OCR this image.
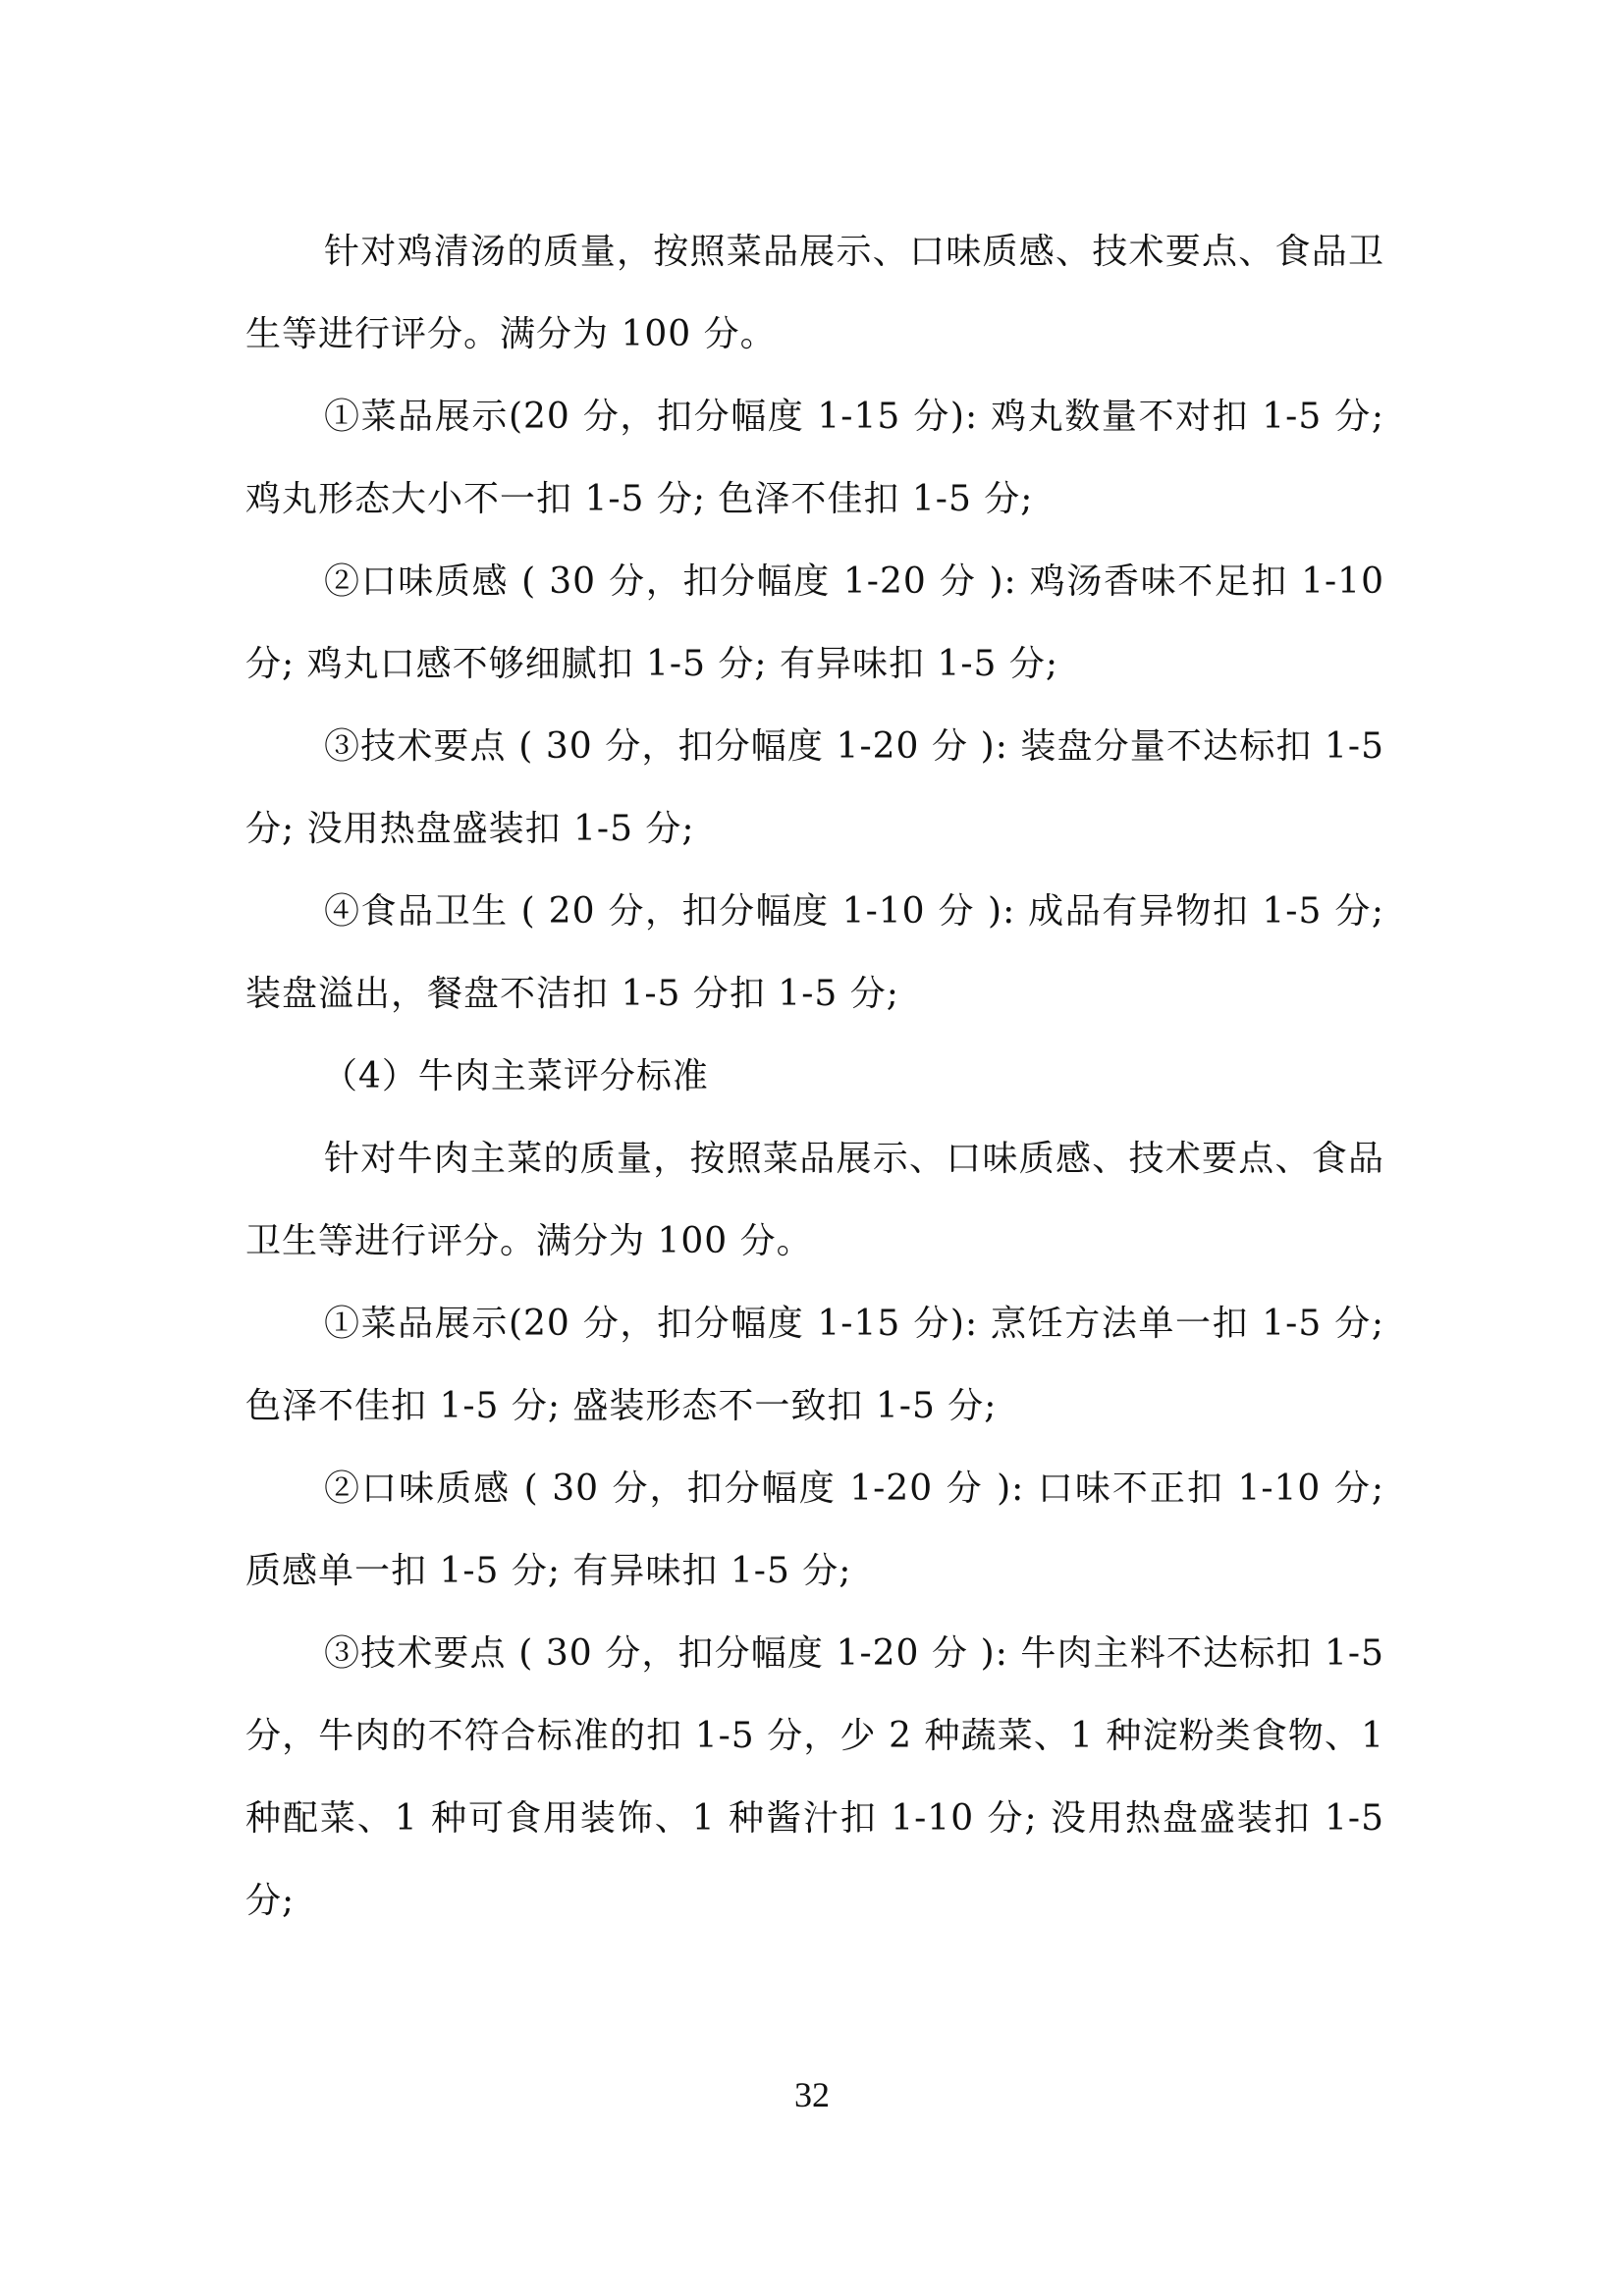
针对鸡清汤的质量，按照菜品展示、口味质感、技术要点、食品卫生等进行评分。满分为 100 分。

①菜品展示(20 分，扣分幅度 1-15 分): 鸡丸数量不对扣 1-5 分; 鸡丸形态大小不一扣 1-5 分; 色泽不佳扣 1-5 分;

②口味质感 ( 30 分，扣分幅度 1-20 分 ): 鸡汤香味不足扣 1-10 分; 鸡丸口感不够细腻扣 1-5 分; 有异味扣 1-5 分;

③技术要点 ( 30 分，扣分幅度 1-20 分 ): 装盘分量不达标扣 1-5 分; 没用热盘盛装扣 1-5 分;

④食品卫生 ( 20 分，扣分幅度 1-10 分 ): 成品有异物扣 1-5 分; 装盘溢出，餐盘不洁扣 1-5 分扣 1-5 分;

（4）牛肉主菜评分标准

针对牛肉主菜的质量，按照菜品展示、口味质感、技术要点、食品卫生等进行评分。满分为 100 分。

①菜品展示(20 分，扣分幅度 1-15 分): 烹饪方法单一扣 1-5 分; 色泽不佳扣 1-5 分; 盛装形态不一致扣 1-5 分;

②口味质感 ( 30 分，扣分幅度 1-20 分 ): 口味不正扣 1-10 分; 质感单一扣 1-5 分; 有异味扣 1-5 分;

③技术要点 ( 30 分，扣分幅度 1-20 分 ): 牛肉主料不达标扣 1-5 分，牛肉的不符合标准的扣 1-5 分，少 2 种蔬菜、1 种淀粉类食物、1 种配菜、1 种可食用装饰、1 种酱汁扣 1-10 分; 没用热盘盛装扣 1-5 分;

32
